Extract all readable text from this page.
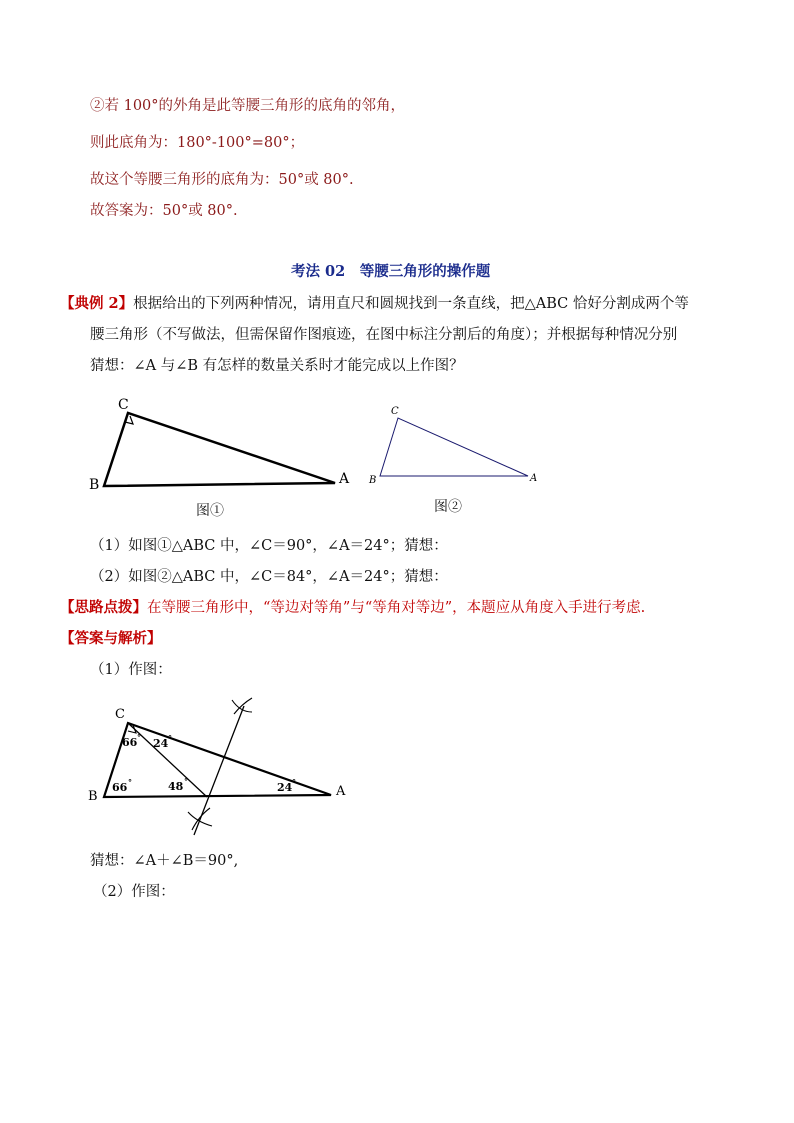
②若 100°的外角是此等腰三角形的底角的邻角，
则此底角为：180°-100°=80°；
故这个等腰三角形的底角为：50°或 80°.
故答案为：50°或 80°.
考法 02　等腰三角形的操作题
【典例 2】根据给出的下列两种情况，请用直尺和圆规找到一条直线，把△ABC 恰好分割成两个等
腰三角形（不写做法，但需保留作图痕迹，在图中标注分割后的角度）；并根据每种情况分别
猜想：∠A 与∠B 有怎样的数量关系时才能完成以上作图？
C
B	A
图①
C
B	A
图②
（1）如图①△ABC 中，∠C＝90°，∠A＝24°；猜想：
（2）如图②△ABC 中，∠C＝84°，∠A＝24°；猜想：
【思路点拨】在等腰三角形中，“等边对等角”与“等角对等边”，本题应从角度入手进行考虑.
【答案与解析】
（1）作图：
C
B	A
66 ° 24 °
66 °	48 °	24 °
猜想：∠A＋∠B＝90°,
（2）作图：
